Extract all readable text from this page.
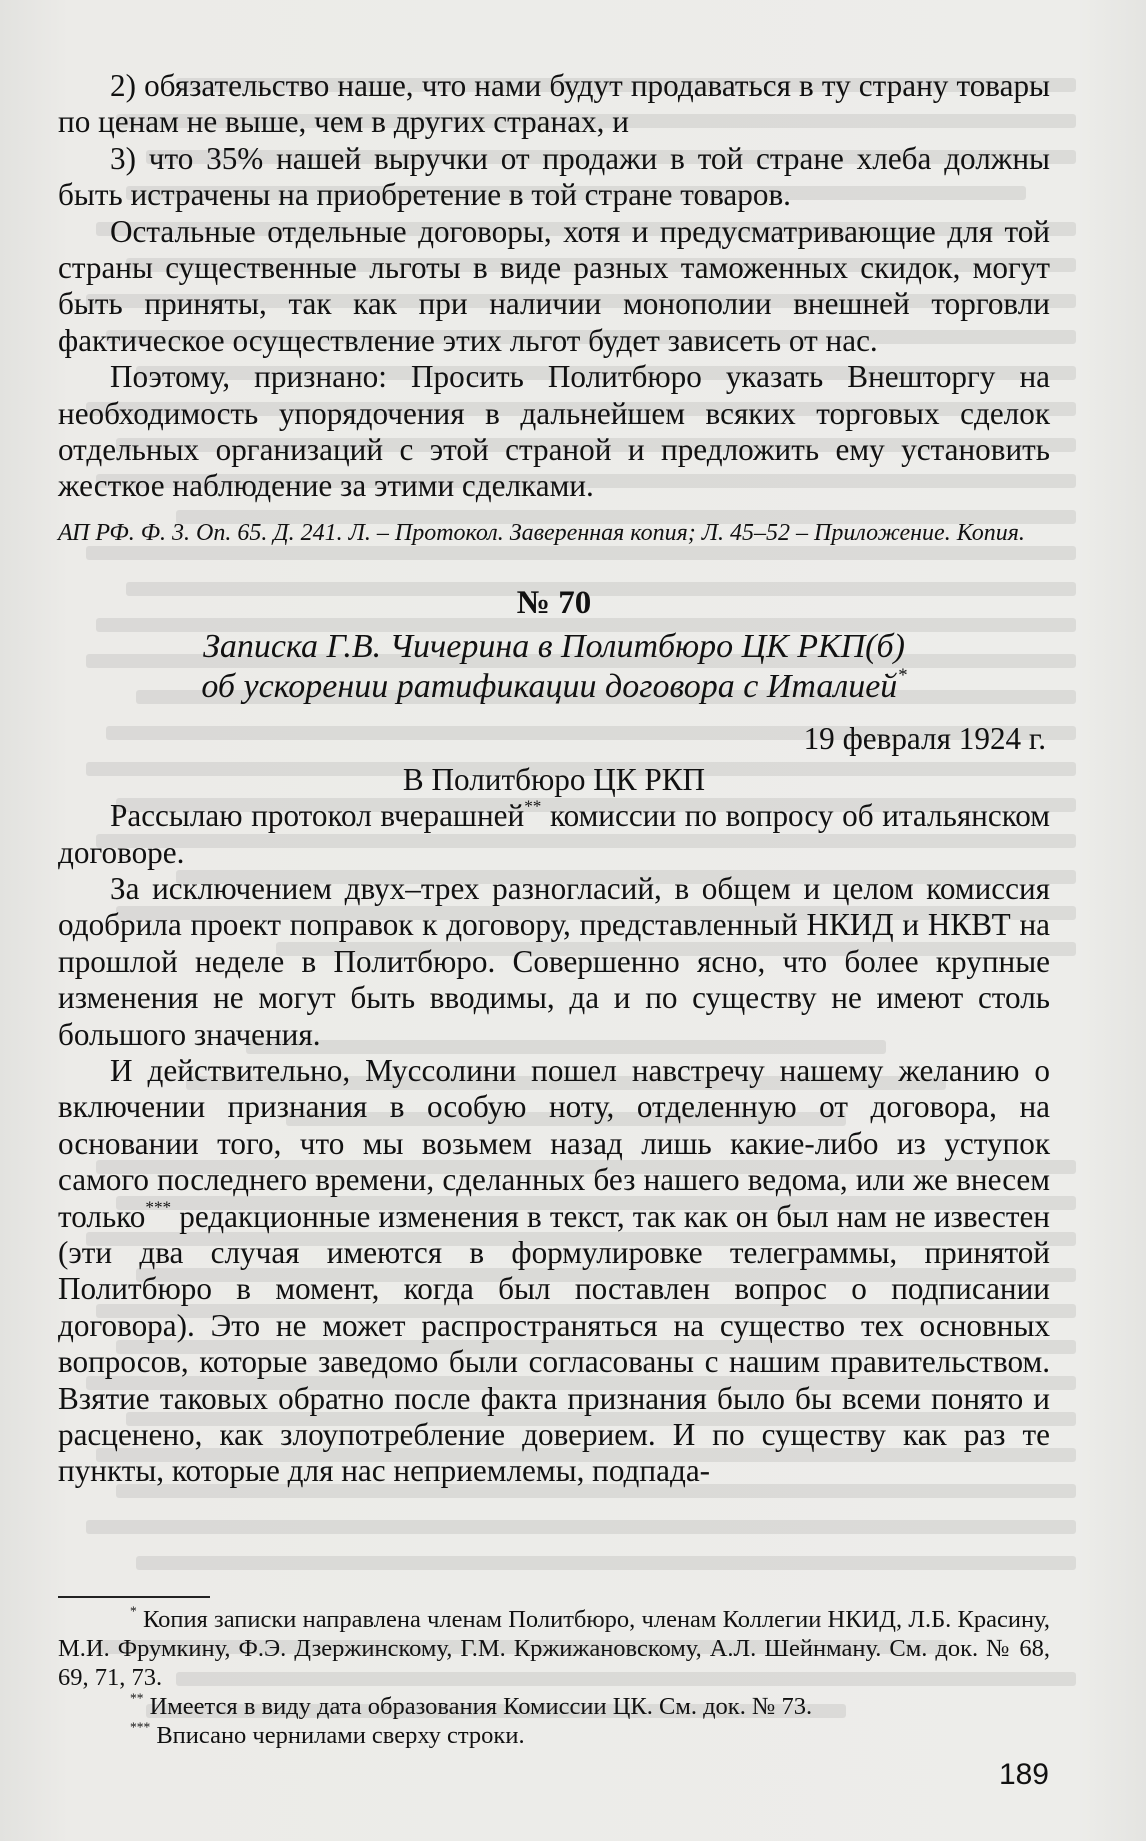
2) обязательство наше, что нами будут продаваться в ту страну товары по ценам не выше, чем в других странах, и

3) что 35% нашей выручки от продажи в той стране хлеба должны быть истрачены на приобретение в той стране товаров.

Остальные отдельные договоры, хотя и предусматривающие для той страны существенные льготы в виде разных таможенных скидок, могут быть приняты, так как при наличии монополии внешней торговли фактическое осуществление этих льгот будет зависеть от нас.

Поэтому, признано: Просить Политбюро указать Внешторгу на необходимость упорядочения в дальнейшем всяких торговых сделок отдельных организаций с этой страной и предложить ему установить жесткое наблюдение за этими сделками.

АП РФ. Ф. 3. Оп. 65. Д. 241. Л. – Протокол. Заверенная копия; Л. 45–52 – Приложение. Копия.

№ 70

Записка Г.В. Чичерина в Политбюро ЦК РКП(б)
об ускорении ратификации договора с Италией*

19 февраля 1924 г.

В Политбюро ЦК РКП

Рассылаю протокол вчерашней** комиссии по вопросу об итальянском договоре.

За исключением двух–трех разногласий, в общем и целом комиссия одобрила проект поправок к договору, представленный НКИД и НКВТ на прошлой неделе в Политбюро. Совершенно ясно, что более крупные изменения не могут быть вводимы, да и по существу не имеют столь большого значения.

И действительно, Муссолини пошел навстречу нашему желанию о включении признания в особую ноту, отделенную от договора, на основании того, что мы возьмем назад лишь какие-либо из уступок самого последнего времени, сделанных без нашего ведома, или же внесем только*** редакционные изменения в текст, так как он был нам не известен (эти два случая имеются в формулировке телеграммы, принятой Политбюро в момент, когда был поставлен вопрос о подписании договора). Это не может распространяться на существо тех основных вопросов, которые заведомо были согласованы с нашим правительством. Взятие таковых обратно после факта признания было бы всеми понято и расценено, как злоупотребление доверием. И по существу как раз те пункты, которые для нас неприемлемы, подпада-

* Копия записки направлена членам Политбюро, членам Коллегии НКИД, Л.Б. Красину, М.И. Фрумкину, Ф.Э. Дзержинскому, Г.М. Кржижановскому, А.Л. Шейнману. См. док. № 68, 69, 71, 73.

** Имеется в виду дата образования Комиссии ЦК. См. док. № 73.

*** Вписано чернилами сверху строки.

189
